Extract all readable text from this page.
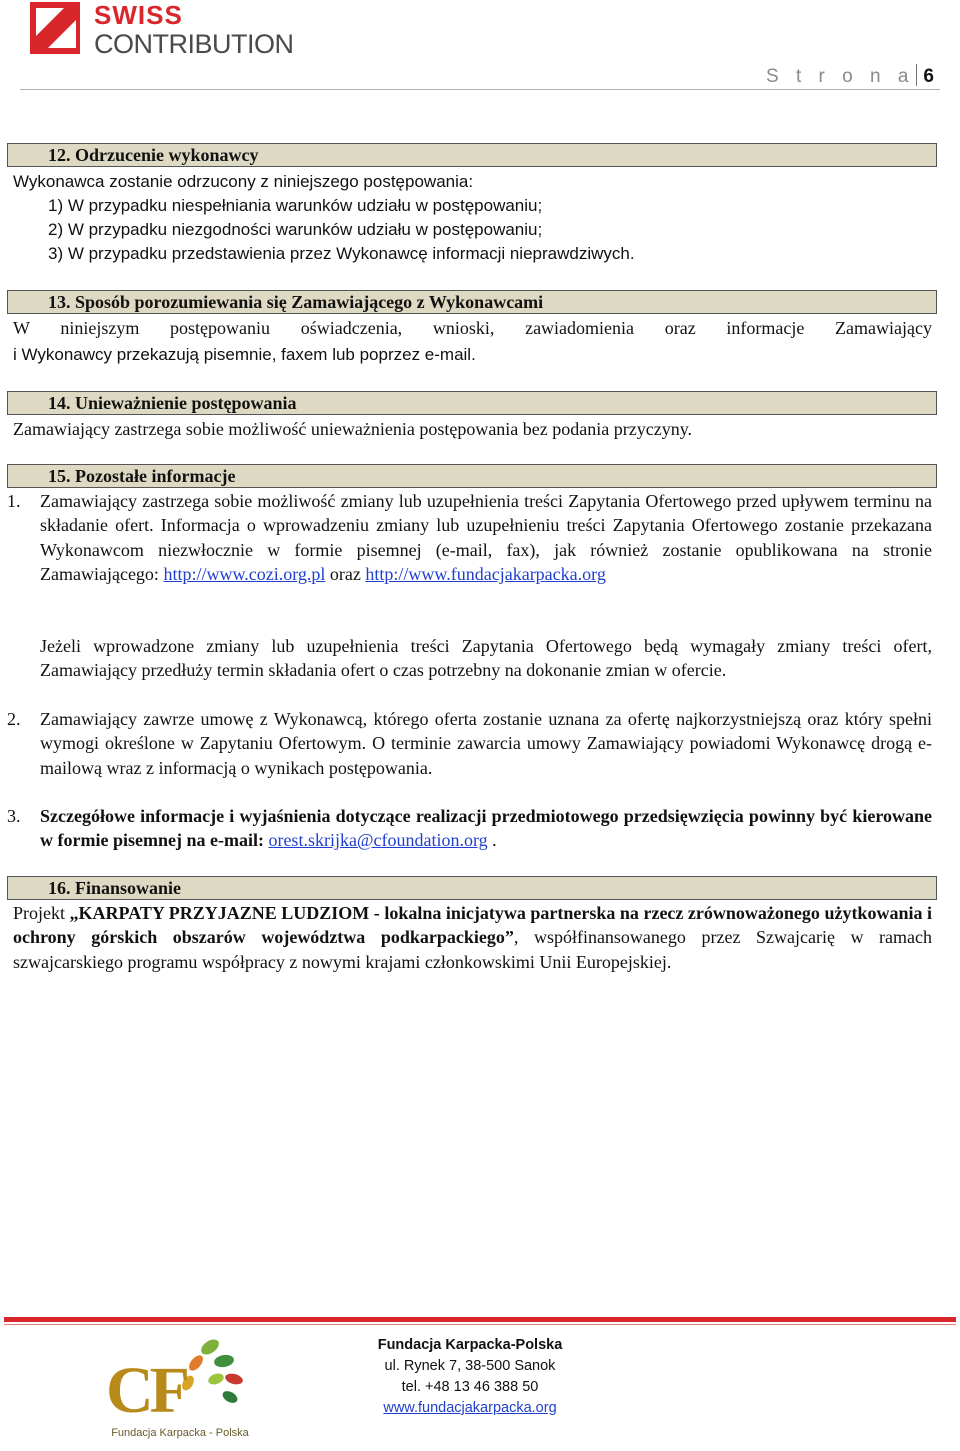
SWISS
CONTRIBUTION
S t r o n a 6
12. Odrzucenie wykonawcy
Wykonawca zostanie odrzucony z niniejszego postępowania:
1) W przypadku niespełniania warunków udziału w postępowaniu;
2) W przypadku niezgodności warunków udziału w postępowaniu;
3) W przypadku przedstawienia przez Wykonawcę informacji nieprawdziwych.
13. Sposób porozumiewania się Zamawiającego z Wykonawcami
W niniejszym postępowaniu oświadczenia, wnioski, zawiadomienia oraz informacje Zamawiający
i Wykonawcy przekazują pisemnie, faxem lub poprzez e-mail.
14. Unieważnienie postępowania
Zamawiający zastrzega sobie możliwość unieważnienia postępowania bez podania przyczyny.
15. Pozostałe informacje
1. Zamawiający zastrzega sobie możliwość zmiany lub uzupełnienia treści Zapytania Ofertowego przed upływem terminu na składanie ofert. Informacja o wprowadzeniu zmiany lub uzupełnieniu treści Zapytania Ofertowego zostanie przekazana Wykonawcom niezwłocznie w formie pisemnej (e-mail, fax), jak również zostanie opublikowana na stronie Zamawiającego: http://www.cozi.org.pl oraz http://www.fundacjakarpacka.org

Jeżeli wprowadzone zmiany lub uzupełnienia treści Zapytania Ofertowego będą wymagały zmiany treści ofert, Zamawiający przedłuży termin składania ofert o czas potrzebny na dokonanie zmian w ofercie.

2. Zamawiający zawrze umowę z Wykonawcą, którego oferta zostanie uznana za ofertę najkorzystniejszą oraz który spełni wymogi określone w Zapytaniu Ofertowym. O terminie zawarcia umowy Zamawiający powiadomi Wykonawcę drogą e-mailową wraz z informacją o wynikach postępowania.

3. Szczegółowe informacje i wyjaśnienia dotyczące realizacji przedmiotowego przedsięwzięcia powinny być kierowane w formie pisemnej na e-mail: orest.skrijka@cfoundation.org .

16. Finansowanie

Projekt „KARPATY PRZYJAZNE LUDZIOM - lokalna inicjatywa partnerska na rzecz zrównoważonego użytkowania i ochrony górskich obszarów województwa podkarpackiego”, współfinansowanego przez Szwajcarię w ramach szwajcarskiego programu współpracy z nowymi krajami członkowskimi Unii Europejskiej.

CF
Fundacja Karpacka - Polska
Fundacja Karpacka-Polska
ul. Rynek 7, 38-500 Sanok
tel. +48 13 46 388 50
www.fundacjakarpacka.org
